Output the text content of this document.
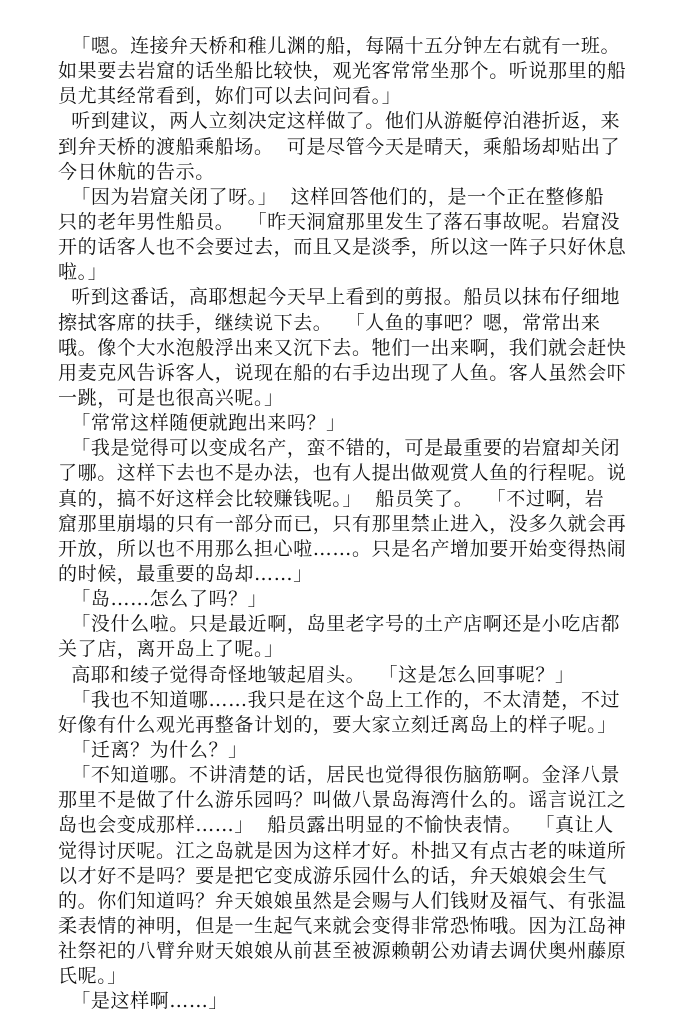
「嗯。连接弁天桥和稚儿渊的船，每隔十五分钟左右就有一班。
如果要去岩窟的话坐船比较快，观光客常常坐那个。听说那里的船
员尤其经常看到，妳们可以去问问看。」
听到建议，两人立刻决定这样做了。他们从游艇停泊港折返，来
到弁天桥的渡船乘船场。  可是尽管今天是晴天，乘船场却贴出了
今日休航的告示。
「因为岩窟关闭了呀。」  这样回答他们的，是一个正在整修船
只的老年男性船员。  「昨天洞窟那里发生了落石事故呢。岩窟没
开的话客人也不会要过去，而且又是淡季，所以这一阵子只好休息
啦。」
听到这番话，高耶想起今天早上看到的剪报。船员以抹布仔细地
擦拭客席的扶手，继续说下去。  「人鱼的事吧？嗯，常常出来
哦。像个大水泡般浮出来又沉下去。牠们一出来啊，我们就会赶快
用麦克风告诉客人，说现在船的右手边出现了人鱼。客人虽然会吓
一跳，可是也很高兴呢。」
「常常这样随便就跑出来吗？」
「我是觉得可以变成名产，蛮不错的，可是最重要的岩窟却关闭
了哪。这样下去也不是办法，也有人提出做观赏人鱼的行程呢。说
真的，搞不好这样会比较赚钱呢。」  船员笑了。  「不过啊，岩
窟那里崩塌的只有一部分而已，只有那里禁止进入，没多久就会再
开放，所以也不用那么担心啦……。只是名产增加要开始变得热闹
的时候，最重要的岛却……」
「岛……怎么了吗？」
「没什么啦。只是最近啊，岛里老字号的土产店啊还是小吃店都
关了店，离开岛上了呢。」
高耶和绫子觉得奇怪地皱起眉头。  「这是怎么回事呢？」
「我也不知道哪……我只是在这个岛上工作的，不太清楚，不过
好像有什么观光再整备计划的，要大家立刻迁离岛上的样子呢。」
「迁离？为什么？」
「不知道哪。不讲清楚的话，居民也觉得很伤脑筋啊。金泽八景
那里不是做了什么游乐园吗？叫做八景岛海湾什么的。谣言说江之
岛也会变成那样……」  船员露出明显的不愉快表情。  「真让人
觉得讨厌呢。江之岛就是因为这样才好。朴拙又有点古老的味道所
以才好不是吗？要是把它变成游乐园什么的话，弁天娘娘会生气
的。你们知道吗？弁天娘娘虽然是会赐与人们钱财及福气、有张温
柔表情的神明，但是一生起气来就会变得非常恐怖哦。因为江岛神
社祭祀的八臂弁财天娘娘从前甚至被源赖朝公劝请去调伏奥州藤原
氏呢。」
「是这样啊……」
